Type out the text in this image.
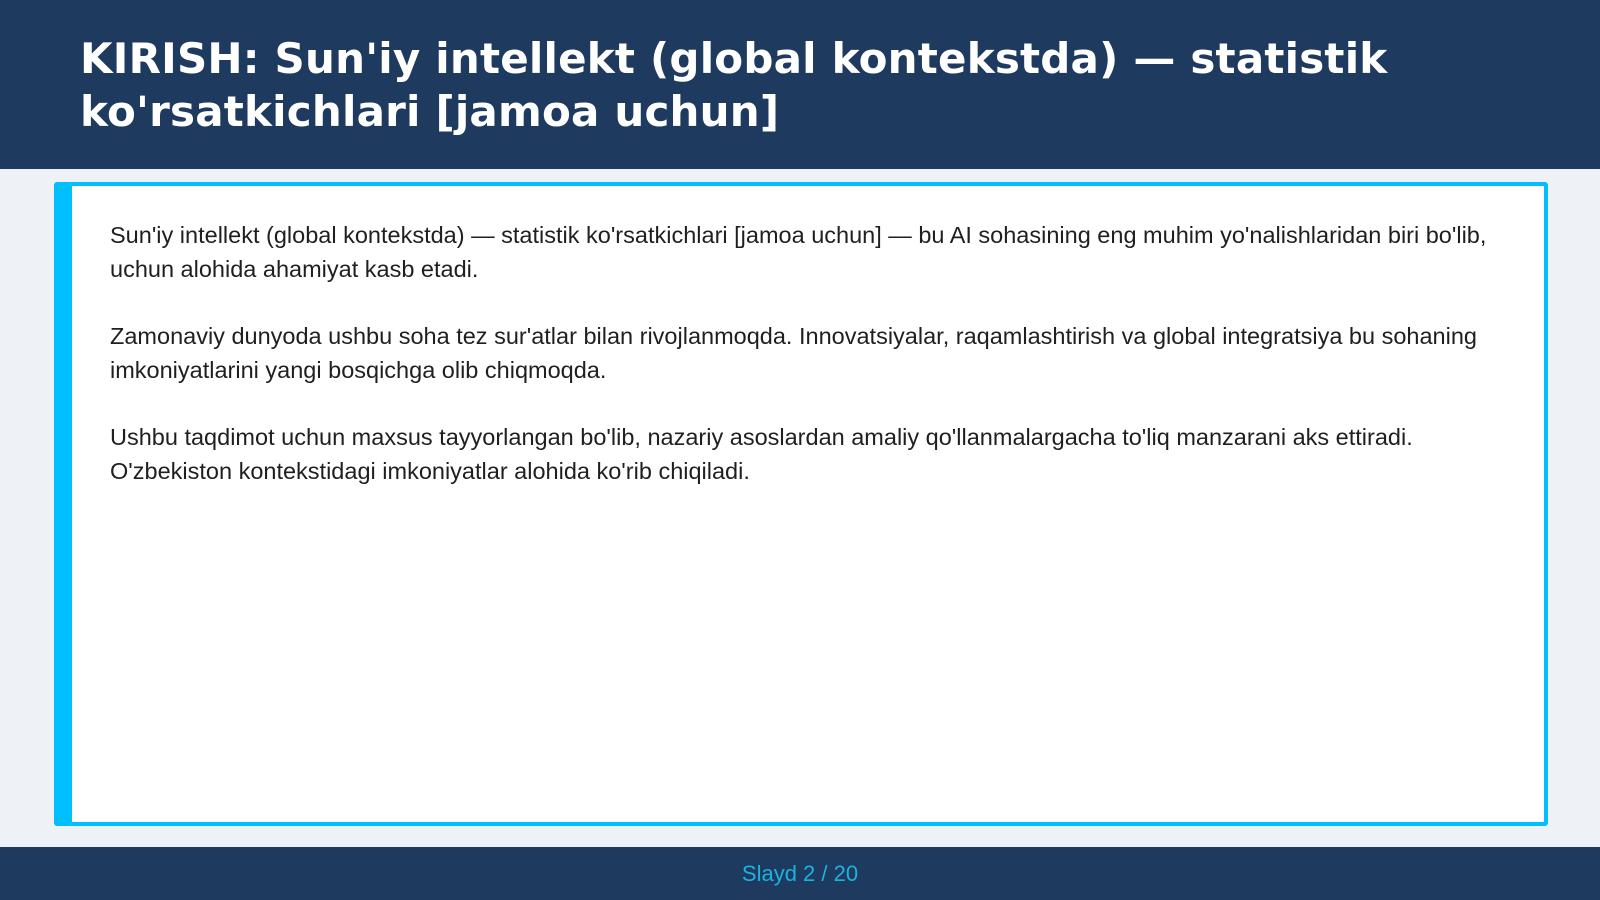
KIRISH: Sun'iy intellekt (global kontekstda) — statistik ko'rsatkichlari [jamoa uchun]

Sun'iy intellekt (global kontekstda) — statistik ko'rsatkichlari [jamoa uchun] — bu AI sohasining eng muhim yo'nalishlaridan biri bo'lib, uchun alohida ahamiyat kasb etadi.

Zamonaviy dunyoda ushbu soha tez sur'atlar bilan rivojlanmoqda. Innovatsiyalar, raqamlashtirish va global integratsiya bu sohaning imkoniyatlarini yangi bosqichga olib chiqmoqda.

Ushbu taqdimot uchun maxsus tayyorlangan bo'lib, nazariy asoslardan amaliy qo'llanmalargacha to'liq manzarani aks ettiradi. O'zbekiston kontekstidagi imkoniyatlar alohida ko'rib chiqiladi.

Slayd 2 / 20
